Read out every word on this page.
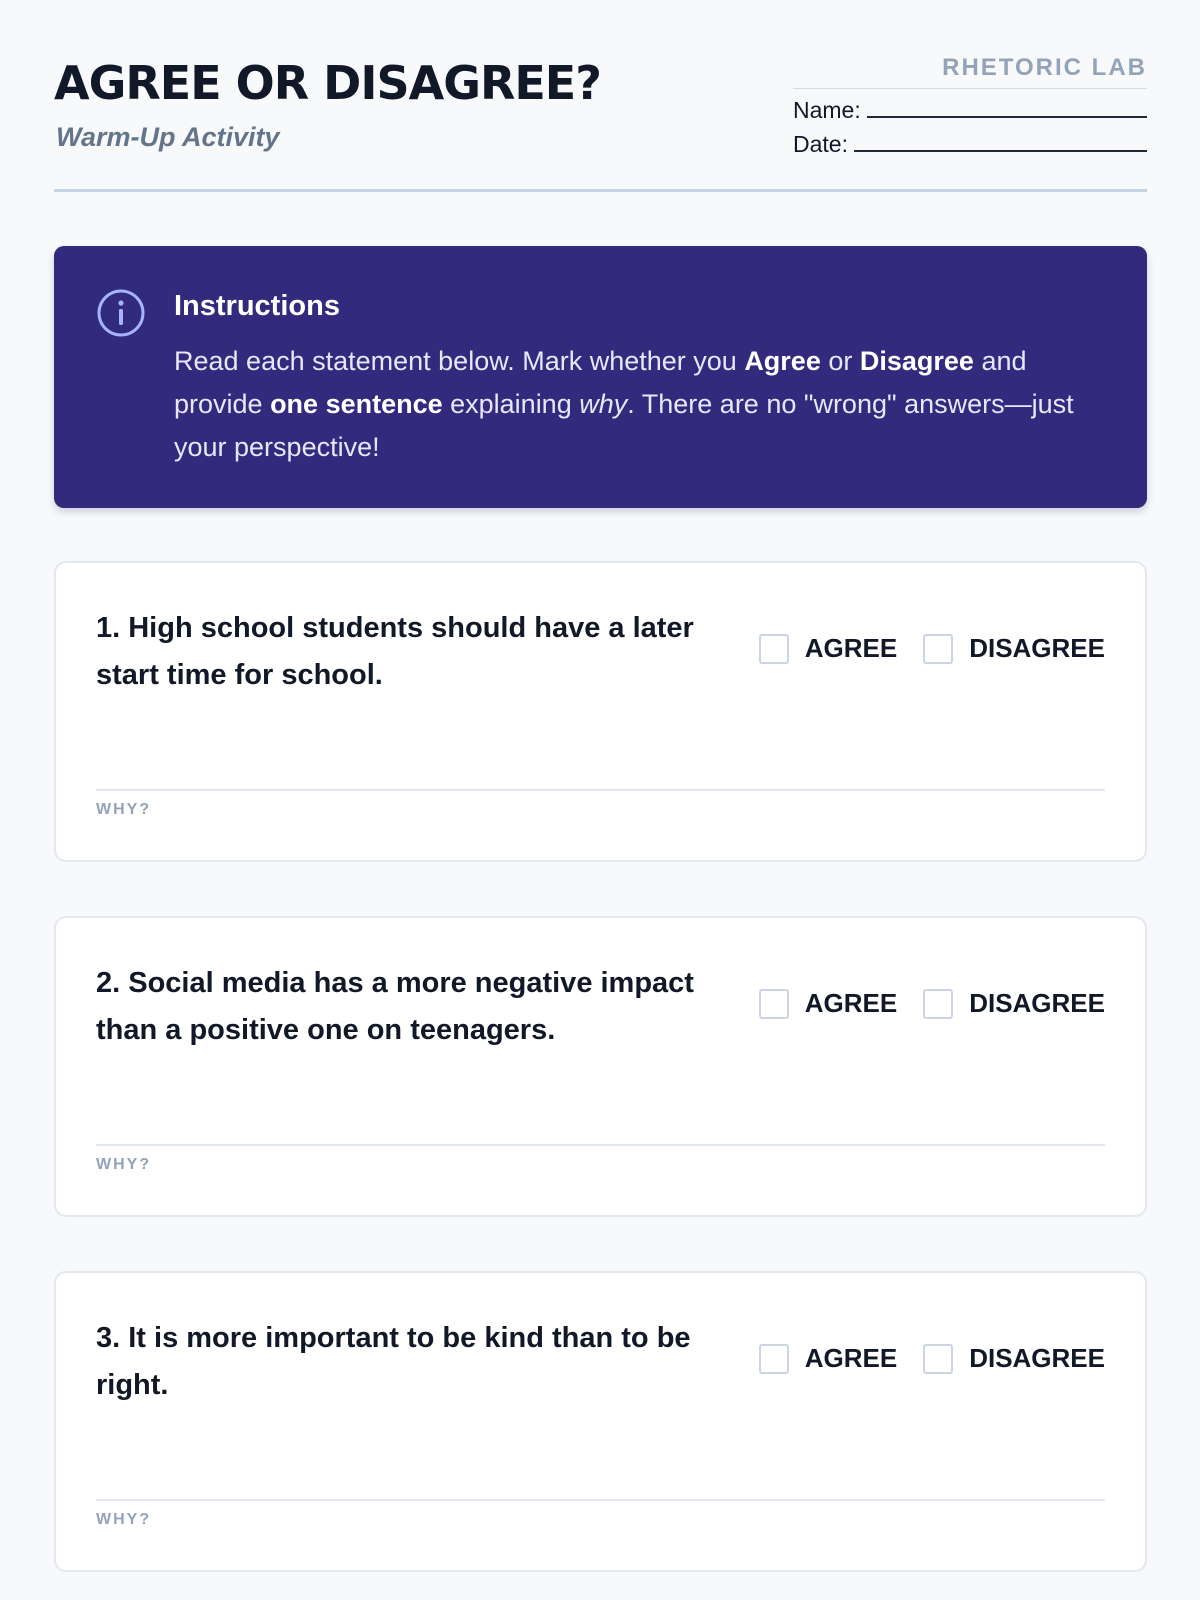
AGREE OR DISAGREE?

Warm-Up Activity

RHETORIC LAB
Name:
Date:
Instructions

Read each statement below. Mark whether you Agree or Disagree and provide one sentence explaining why. There are no "wrong" answers—just your perspective!

1. High school students should have a later start time for school.

AGREE	DISAGREE
WHY?

2. Social media has a more negative impact than a positive one on teenagers.

AGREE	DISAGREE
WHY?

3. It is more important to be kind than to be right.

AGREE	DISAGREE
WHY?
